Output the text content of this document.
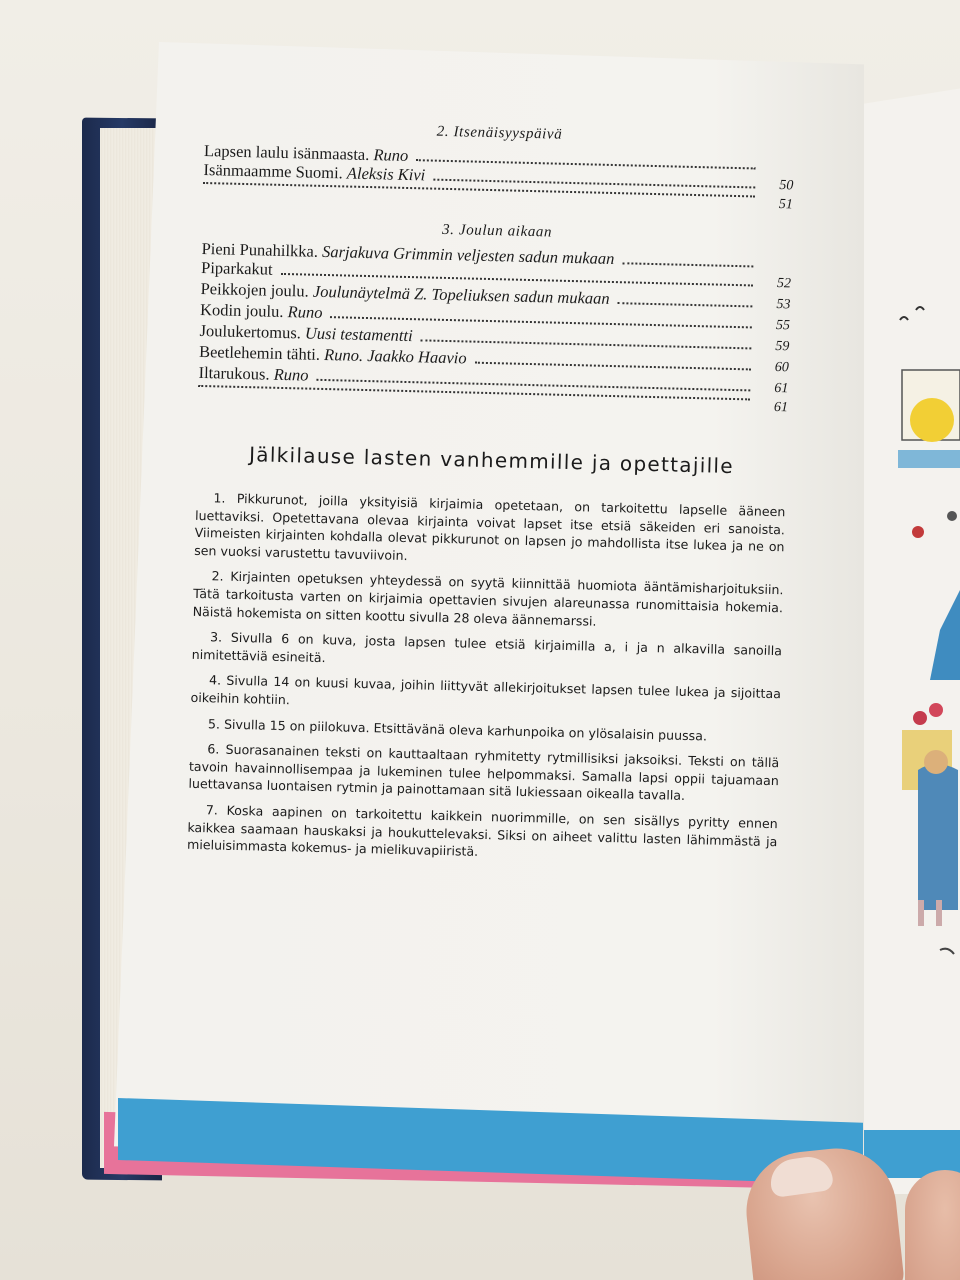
2. Itsenäisyyspäivä
Lapsen laulu isänmaasta. Runo
Isänmaamme Suomi. Aleksis Kivi
50
51
3. Joulun aikaan
Pieni Punahilkka. Sarjakuva Grimmin veljesten sadun mukaan
Piparkakut
52
Peikkojen joulu. Joulunäytelmä Z. Topeliuksen sadun mukaan	53
Kodin joulu. Runo
55
Joulukertomus. Uusi testamentti
59
Beetlehemin tähti. Runo. Jaakko Haavio
60
Iltarukous. Runo
61
61
Jälkilause lasten vanhemmille ja opettajille

1. Pikkurunot, joilla yksityisiä kirjaimia opetetaan, on tarkoitettu lapselle ääneen luettaviksi. Opetettavana olevaa kirjainta voivat lapset itse etsiä säkeiden eri sanoista. Viimeisten kirjainten kohdalla olevat pikkurunot on lapsen jo mahdollista itse lukea ja ne on sen vuoksi varustettu tavuviivoin.

2. Kirjainten opetuksen yhteydessä on syytä kiinnittää huomiota ääntämisharjoituksiin. Tätä tarkoitusta varten on kirjaimia opettavien sivujen alareunassa runomittaisia hokemia. Näistä hokemista on sitten koottu sivulla 28 oleva äännemarssi.

3. Sivulla 6 on kuva, josta lapsen tulee etsiä kirjaimilla a, i ja n alkavilla sanoilla nimitettäviä esineitä.

4. Sivulla 14 on kuusi kuvaa, joihin liittyvät allekirjoitukset lapsen tulee lukea ja sijoittaa oikeihin kohtiin.

5. Sivulla 15 on piilokuva. Etsittävänä oleva karhunpoika on ylösalaisin puussa.

6. Suorasanainen teksti on kauttaaltaan ryhmitetty rytmillisiksi jaksoiksi. Teksti on tällä tavoin havainnollisempaa ja lukeminen tulee helpommaksi. Samalla lapsi oppii tajuamaan luettavansa luontaisen rytmin ja painottamaan sitä lukiessaan oikealla tavalla.

7. Koska aapinen on tarkoitettu kaikkein nuorimmille, on sen sisällys pyritty ennen kaikkea saamaan hauskaksi ja houkuttelevaksi. Siksi on aiheet valittu lasten lähimmästä ja mieluisimmasta kokemus- ja mielikuvapiiristä.
